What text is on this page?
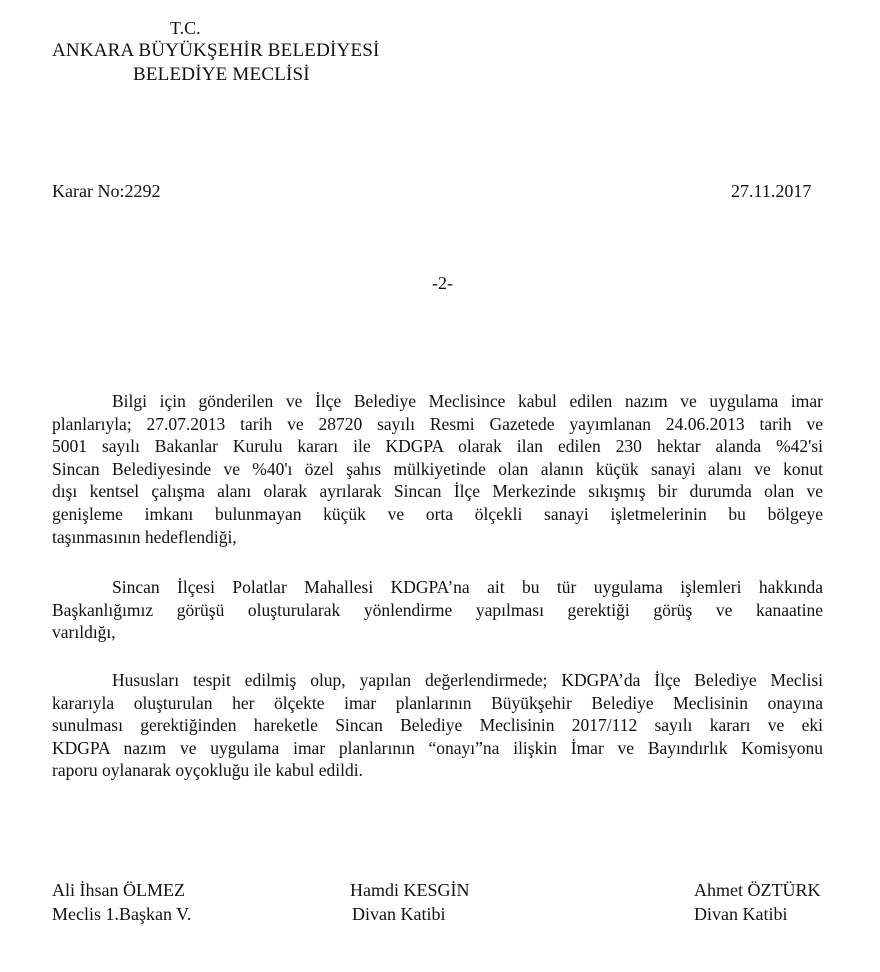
T.C.
ANKARA BÜYÜKŞEHİR BELEDİYESİ
BELEDİYE MECLİSİ
Karar No:2292	27.11.2017
-2-
Bilgi için gönderilen ve İlçe Belediye Meclisince kabul edilen nazım ve uygulama imar
planlarıyla; 27.07.2013 tarih ve 28720 sayılı Resmi Gazetede yayımlanan 24.06.2013 tarih ve
5001 sayılı Bakanlar Kurulu kararı ile KDGPA olarak ilan edilen 230 hektar alanda %42'si
Sincan Belediyesinde ve %40'ı özel şahıs mülkiyetinde olan alanın küçük sanayi alanı ve konut
dışı kentsel çalışma alanı olarak ayrılarak Sincan İlçe Merkezinde sıkışmış bir durumda olan ve
genişleme imkanı bulunmayan küçük ve orta ölçekli sanayi işletmelerinin bu bölgeye
taşınmasının hedeflendiği,
Sincan İlçesi Polatlar Mahallesi KDGPA’na ait bu tür uygulama işlemleri hakkında
Başkanlığımız görüşü oluşturularak yönlendirme yapılması gerektiği görüş ve kanaatine
varıldığı,
Hususları tespit edilmiş olup, yapılan değerlendirmede; KDGPA’da İlçe Belediye Meclisi
kararıyla oluşturulan her ölçekte imar planlarının Büyükşehir Belediye Meclisinin onayına
sunulması gerektiğinden hareketle Sincan Belediye Meclisinin 2017/112 sayılı kararı ve eki
KDGPA nazım ve uygulama imar planlarının “onayı”na ilişkin İmar ve Bayındırlık Komisyonu
raporu oylanarak oyçokluğu ile kabul edildi.
Ali İhsan ÖLMEZ
Meclis 1.Başkan V.
Hamdi KESGİN
Divan Katibi
Ahmet ÖZTÜRK
Divan Katibi
